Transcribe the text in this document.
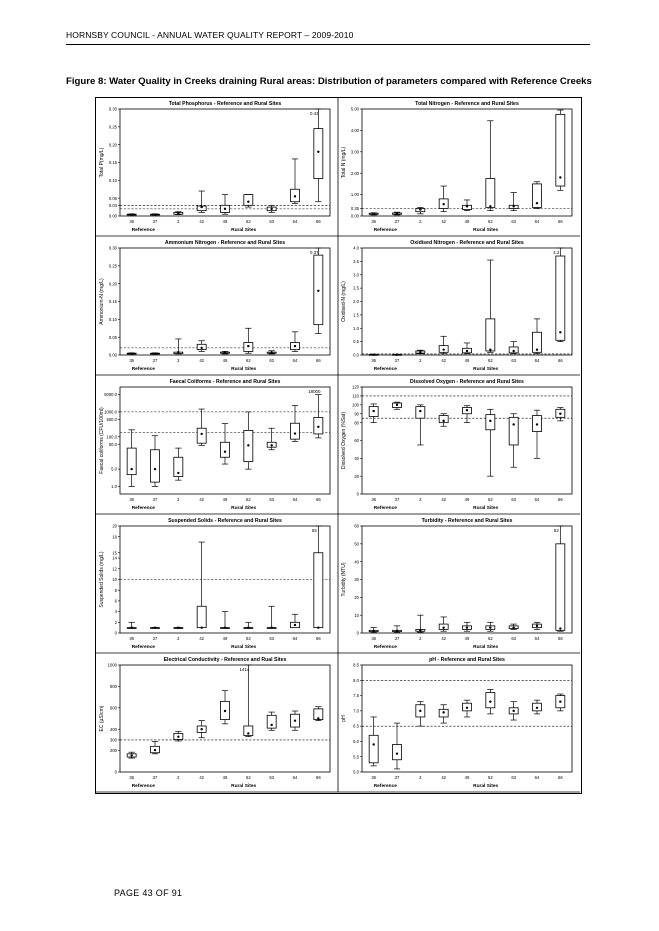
HORNSBY COUNCIL - ANNUAL WATER QUALITY REPORT – 2009-2010
Figure 8: Water Quality in Creeks draining Rural areas: Distribution of parameters compared with Reference Creeks
Total Phosphorus - Reference and Rural Sites
0.00
0.03
0.05
0.10
0.15
0.20
0.25
0.30
Total P(mg/L)
36	37	2	42	49	62	63	64	66
0.43
Reference	Rural Sites
Total Nitrogen - Reference and Rural Sites
0.00
0.35
1.00
2.00
3.00
4.00
5.00
Total N (mg/L)
36	37	2	42	49	62	63	64	66
Reference	Rural Sites
Ammonium Nitrogen - Reference and Rural Sites
0.00
0.05
0.10
0.15
0.20
0.25
0.30
Ammonium-N (mg/L)
36	37	2	42	49	62	63	64	66
0.37
Reference	Rural Sites
Oxidised Nitrogen - Reference and Rural Sites
0.0
0.5
1.0
1.5
2.0
2.5
3.0
3.5
4.0
Oxidised-N (mg/L)
36	37	2	42	49	62	63	64	66
4.2
Reference	Rural Sites
Faecal Coliforms - Reference and Rural Sites
1.0
5.0
50.0
100.0
500.0
1000.0
5000.0
Faecal coliforms (CFU/100ml)
36	37	2	42	49	62	63	64	66
18000
Reference	Rural Sites
Dissolved Oxygen - Reference and Rural Sites
0
20
40
60
80
90
100
110
120
Dissolved Oxygen (%Sat)
36	37	2	42	49	62	63	64	66
Reference	Rural Sites
Suspended Solids - Reference and Rural Sites
0
2
4
6
8
10
12
14
15
18
20
Suspended Solids (mg/L)
36	37	2	42	49	62	63	64	66
65
Reference	Rural Sites
Turbidity - Reference and Rural Sites
0
10
20
30
40
50
60
Turbidity (NTU)
36	37	2	42	49	62	63	64	66
52
Reference	Rural Sites
Electrical Conductivity - Reference and Rual Sites
0
200
300
400
600
800
1000
EC (µS/cm)
36	37	2	42	49	62	63	64	66
1414
Reference	Rural Sites
pH - Reference and Rural Sites
5.0
5.5
6.0
6.5
7.0
7.5
8.0
8.5
pH
36	37	2	42	49	62	63	64	66
Reference	Rural Sites
PAGE 43 OF 91
